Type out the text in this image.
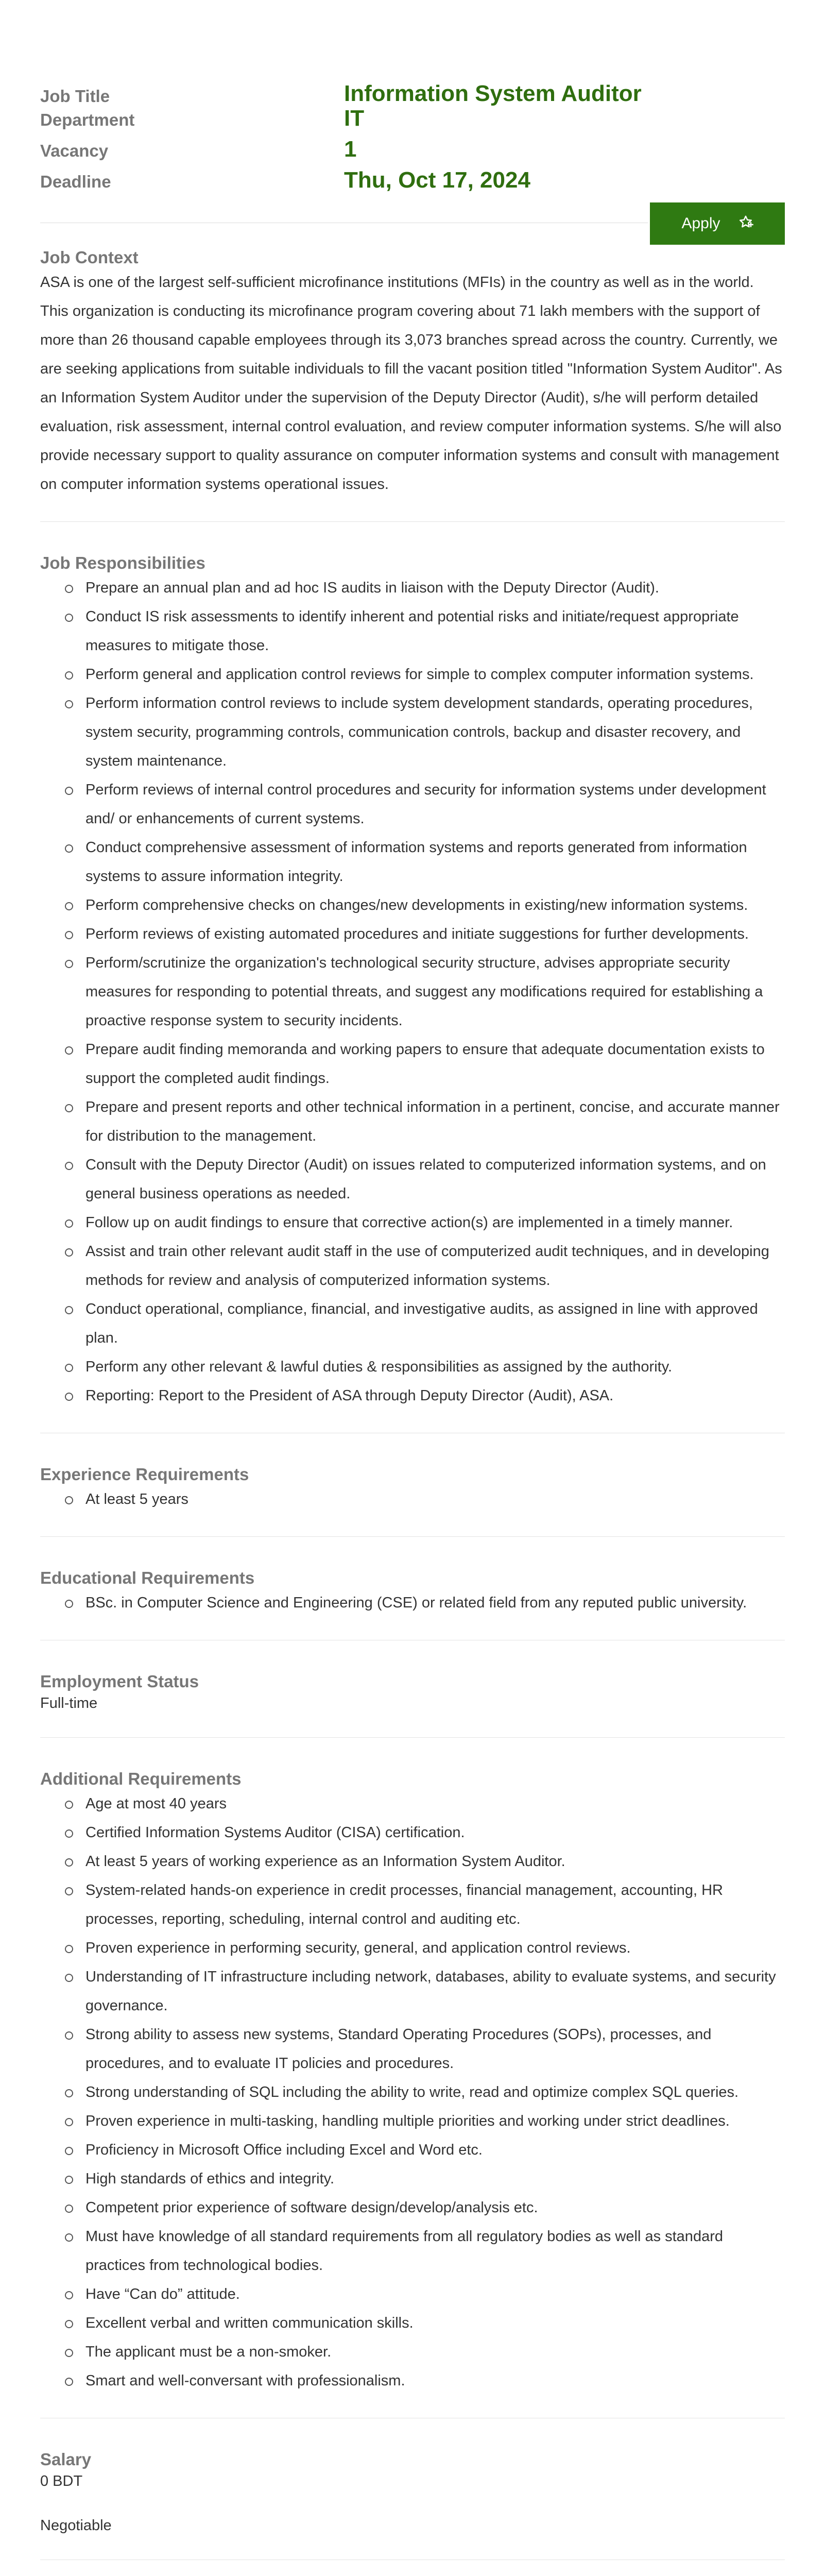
Job Title	Information System Auditor
Department	IT
Vacancy	1
Deadline	Thu, Oct 17, 2024
Apply
Job Context
ASA is one of the largest self-sufficient microfinance institutions (MFIs) in the country as well as in the world. This organization is conducting its microfinance program covering about 71 lakh members with the support of more than 26 thousand capable employees through its 3,073 branches spread across the country. Currently, we are seeking applications from suitable individuals to fill the vacant position titled "Information System Auditor". As an Information System Auditor under the supervision of the Deputy Director (Audit), s/he will perform detailed evaluation, risk assessment, internal control evaluation, and review computer information systems. S/he will also provide necessary support to quality assurance on computer information systems and consult with management on computer information systems operational issues.
Job Responsibilities
Prepare an annual plan and ad hoc IS audits in liaison with the Deputy Director (Audit).
Conduct IS risk assessments to identify inherent and potential risks and initiate/request appropriate measures to mitigate those.
Perform general and application control reviews for simple to complex computer information systems.
Perform information control reviews to include system development standards, operating procedures, system security, programming controls, communication controls, backup and disaster recovery, and system maintenance.
Perform reviews of internal control procedures and security for information systems under development and/ or enhancements of current systems.
Conduct comprehensive assessment of information systems and reports generated from information systems to assure information integrity.
Perform comprehensive checks on changes/new developments in existing/new information systems.
Perform reviews of existing automated procedures and initiate suggestions for further developments.
Perform/scrutinize the organization's technological security structure, advises appropriate security measures for responding to potential threats, and suggest any modifications required for establishing a proactive response system to security incidents.
Prepare audit finding memoranda and working papers to ensure that adequate documentation exists to support the completed audit findings.
Prepare and present reports and other technical information in a pertinent, concise, and accurate manner for distribution to the management.
Consult with the Deputy Director (Audit) on issues related to computerized information systems, and on general business operations as needed.
Follow up on audit findings to ensure that corrective action(s) are implemented in a timely manner.
Assist and train other relevant audit staff in the use of computerized audit techniques, and in developing methods for review and analysis of computerized information systems.
Conduct operational, compliance, financial, and investigative audits, as assigned in line with approved plan.
Perform any other relevant & lawful duties & responsibilities as assigned by the authority.
Reporting: Report to the President of ASA through Deputy Director (Audit), ASA.
Experience Requirements
At least 5 years
Educational Requirements
BSc. in Computer Science and Engineering (CSE) or related field from any reputed public university.
Employment Status
Full-time
Additional Requirements
Age at most 40 years
Certified Information Systems Auditor (CISA) certification.
At least 5 years of working experience as an Information System Auditor.
System-related hands-on experience in credit processes, financial management, accounting, HR processes, reporting, scheduling, internal control and auditing etc.
Proven experience in performing security, general, and application control reviews.
Understanding of IT infrastructure including network, databases, ability to evaluate systems, and security governance.
Strong ability to assess new systems, Standard Operating Procedures (SOPs), processes, and procedures, and to evaluate IT policies and procedures.
Strong understanding of SQL including the ability to write, read and optimize complex SQL queries.
Proven experience in multi-tasking, handling multiple priorities and working under strict deadlines.
Proficiency in Microsoft Office including Excel and Word etc.
High standards of ethics and integrity.
Competent prior experience of software design/develop/analysis etc.
Must have knowledge of all standard requirements from all regulatory bodies as well as standard practices from technological bodies.
Have “Can do” attitude.
Excellent verbal and written communication skills.
The applicant must be a non-smoker.
Smart and well-conversant with professionalism.
Salary
0 BDT
Negotiable
